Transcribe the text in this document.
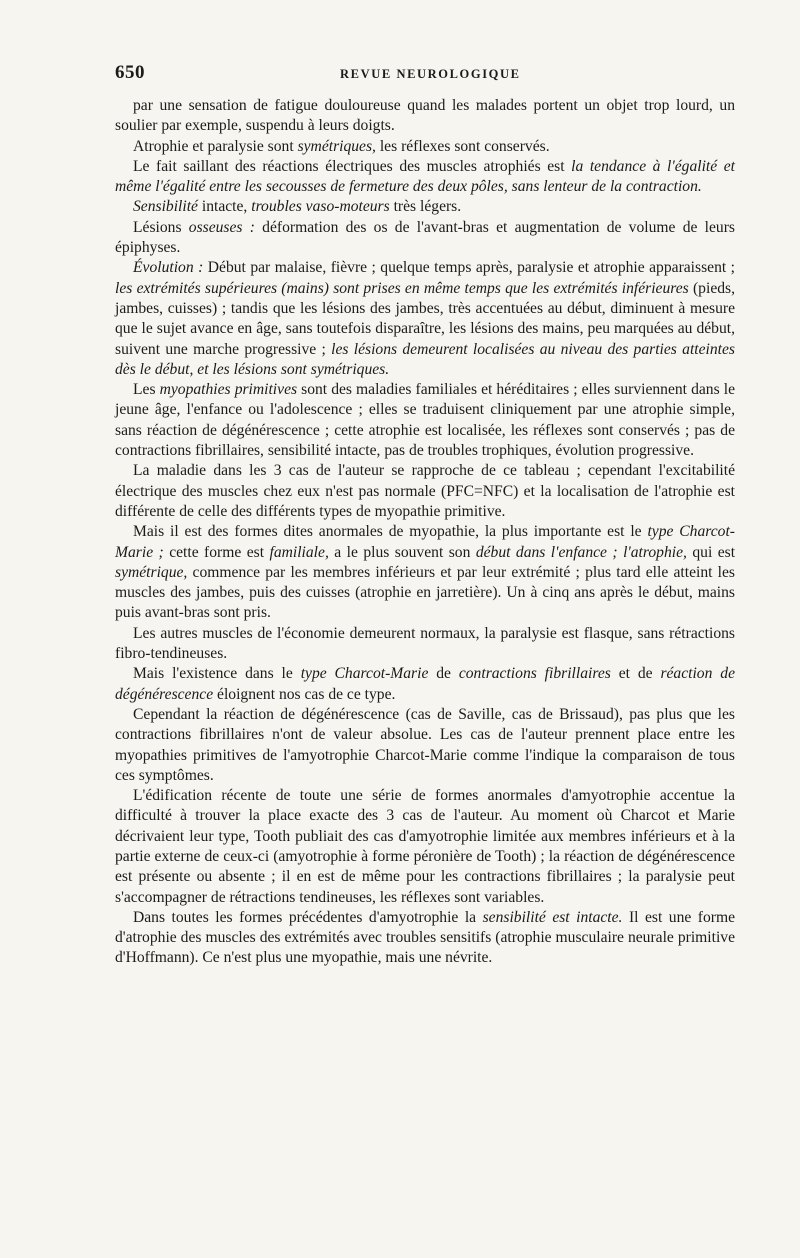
650	REVUE NEUROLOGIQUE

par une sensation de fatigue douloureuse quand les malades portent un objet trop lourd, un soulier par exemple, suspendu à leurs doigts.

Atrophie et paralysie sont symétriques, les réflexes sont conservés.

Le fait saillant des réactions électriques des muscles atrophiés est la tendance à l'égalité et même l'égalité entre les secousses de fermeture des deux pôles, sans lenteur de la contraction.

Sensibilité intacte, troubles vaso-moteurs très légers.

Lésions osseuses : déformation des os de l'avant-bras et augmentation de volume de leurs épiphyses.

Évolution : Début par malaise, fièvre ; quelque temps après, paralysie et atrophie apparaissent ; les extrémités supérieures (mains) sont prises en même temps que les extrémités inférieures (pieds, jambes, cuisses) ; tandis que les lésions des jambes, très accentuées au début, diminuent à mesure que le sujet avance en âge, sans toutefois disparaître, les lésions des mains, peu marquées au début, suivent une marche progressive ; les lésions demeurent localisées au niveau des parties atteintes dès le début, et les lésions sont symétriques.

Les myopathies primitives sont des maladies familiales et héréditaires ; elles surviennent dans le jeune âge, l'enfance ou l'adolescence ; elles se traduisent cliniquement par une atrophie simple, sans réaction de dégénérescence ; cette atrophie est localisée, les réflexes sont conservés ; pas de contractions fibrillaires, sensibilité intacte, pas de troubles trophiques, évolution progressive.

La maladie dans les 3 cas de l'auteur se rapproche de ce tableau ; cependant l'excitabilité électrique des muscles chez eux n'est pas normale (PFC=NFC) et la localisation de l'atrophie est différente de celle des différents types de myopathie primitive.

Mais il est des formes dites anormales de myopathie, la plus importante est le type Charcot-Marie ; cette forme est familiale, a le plus souvent son début dans l'enfance ; l'atrophie, qui est symétrique, commence par les membres inférieurs et par leur extrémité ; plus tard elle atteint les muscles des jambes, puis des cuisses (atrophie en jarretière). Un à cinq ans après le début, mains puis avant-bras sont pris.

Les autres muscles de l'économie demeurent normaux, la paralysie est flasque, sans rétractions fibro-tendineuses.

Mais l'existence dans le type Charcot-Marie de contractions fibrillaires et de réaction de dégénérescence éloignent nos cas de ce type.

Cependant la réaction de dégénérescence (cas de Saville, cas de Brissaud), pas plus que les contractions fibrillaires n'ont de valeur absolue. Les cas de l'auteur prennent place entre les myopathies primitives de l'amyotrophie Charcot-Marie comme l'indique la comparaison de tous ces symptômes.

L'édification récente de toute une série de formes anormales d'amyotrophie accentue la difficulté à trouver la place exacte des 3 cas de l'auteur. Au moment où Charcot et Marie décrivaient leur type, Tooth publiait des cas d'amyotrophie limitée aux membres inférieurs et à la partie externe de ceux-ci (amyotrophie à forme péronière de Tooth) ; la réaction de dégénérescence est présente ou absente ; il en est de même pour les contractions fibrillaires ; la paralysie peut s'accompagner de rétractions tendineuses, les réflexes sont variables.

Dans toutes les formes précédentes d'amyotrophie la sensibilité est intacte. Il est une forme d'atrophie des muscles des extrémités avec troubles sensitifs (atrophie musculaire neurale primitive d'Hoffmann). Ce n'est plus une myopathie, mais une névrite.
